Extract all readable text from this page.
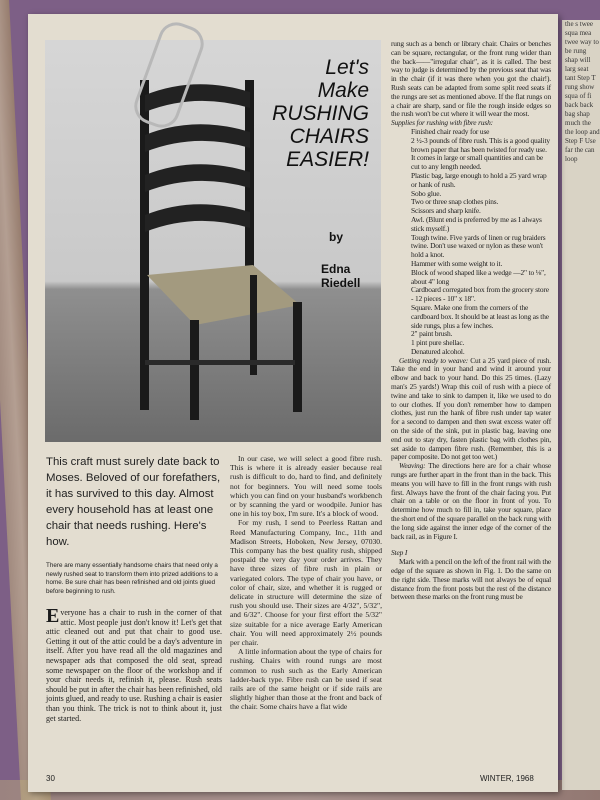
the s twee squa mea twee way to be rung shap will larg seat tant Step T rung show squa of fi back back bag shap much the the loop and Step F Use far the can loop
Let's
Make
RUSHING
CHAIRS
EASIER!
by
Edna Riedell
This craft must surely date back to Moses. Beloved of our forefathers, it has survived to this day. Almost every household has at least one chair that needs rushing. Here's how.
There are many essentially handsome chairs that need only a newly rushed seat to transform them into prized additions to a home. Be sure chair has been refinished and old joints glued before beginning to rush.

Everyone has a chair to rush in the corner of that attic. Most people just don't know it! Let's get that attic cleaned out and put that chair to good use. Getting it out of the attic could be a day's adventure in itself. After you have read all the old magazines and newspaper ads that composed the old seat, spread some newspaper on the floor of the workshop and if your chair needs it, refinish it, please. Rush seats should be put in after the chair has been refinished, old joints glued, and ready to use. Rushing a chair is easier than you think. The trick is not to think about it, just get started.

In our case, we will select a good fibre rush. This is where it is already easier because real rush is difficult to do, hard to find, and definitely not for beginners. You will need some tools which you can find on your husband's workbench or by scanning the yard or woodpile. Junior has one in his toy box, I'm sure. It's a block of wood.

For my rush, I send to Peerless Rattan and Reed Manufacturing Company, Inc., 11th and Madison Streets, Hoboken, New Jersey, 07030. This company has the best quality rush, shipped postpaid the very day your order arrives. They have three sizes of fibre rush in plain or variegated colors. The type of chair you have, or color of chair, size, and whether it is rugged or delicate in structure will determine the size of rush you should use. Their sizes are 4/32", 5/32", and 6/32". Choose for your first effort the 5/32" size suitable for a nice average Early American chair. You will need approximately 2½ pounds per chair.

A little information about the type of chairs for rushing. Chairs with round rungs are most common to rush such as the Early American ladder-back type. Fibre rush can be used if seat rails are of the same height or if side rails are slightly higher than those at the front and back of the chair. Some chairs have a flat wide

rung such as a bench or library chair. Chairs or benches can be square, rectangular, or the front rung wider than the back——"irregular chair", as it is called. The best way to judge is determined by the previous seat that was in the chair (if it was there when you got the chair!). Rush seats can be adapted from some split reed seats if the rungs are set as mentioned above. If the flat rungs on a chair are sharp, sand or file the rough inside edges so the rush won't be cut where it will wear the most.

Supplies for rushing with fibre rush:

Finished chair ready for use

2 ½-3 pounds of fibre rush. This is a good quality brown paper that has been twisted for ready use. It comes in large or small quantities and can be cut to any length needed.

Plastic bag, large enough to hold a 25 yard wrap or hank of rush.

Sobo glue.

Two or three snap clothes pins.

Scissors and sharp knife.

Awl. (Blunt end is preferred by me as I always stick myself.)

Tough twine. Five yards of linen or rug braiders twine. Don't use waxed or nylon as these won't hold a knot.

Hammer with some weight to it.

Block of wood shaped like a wedge —2" to ⅛", about 4" long

Cardboard corregated box from the grocery store - 12 pieces - 10" x 18".

Square. Make one from the corners of the cardboard box. It should be at least as long as the side rungs, plus a few inches.

2" paint brush.

1 pint pure shellac.

Denatured alcohol.

Getting ready to weave: Cut a 25 yard piece of rush. Take the end in your hand and wind it around your elbow and back to your hand. Do this 25 times. (Lazy man's 25 yards!) Wrap this coil of rush with a piece of twine and take to sink to dampen it, like we used to do to our clothes. If you don't remember how to dampen clothes, just run the hank of fibre rush under tap water for a second to dampen and then swat excess water off on the side of the sink, put in plastic bag, leaving one end out to stay dry, fasten plastic bag with clothes pin, set aside to dampen fibre rush. (Remember, this is a paper composite. Do not get too wet.)

Weaving: The directions here are for a chair whose rungs are further apart in the front than in the back. This means you will have to fill in the front rungs with rush first. Always have the front of the chair facing you. Put chair on a table or on the floor in front of you. To determine how much to fill in, take your square, place the short end of the square parallel on the back rung with the long side against the inner edge of the corner of the back rail, as in Figure I.

Step I

Mark with a pencil on the left of the front rail with the edge of the square as shown in Fig. 1. Do the same on the right side. These marks will not always be of equal distance from the front posts but the rest of the distance between these marks on the front rung must be

30	WINTER, 1968
